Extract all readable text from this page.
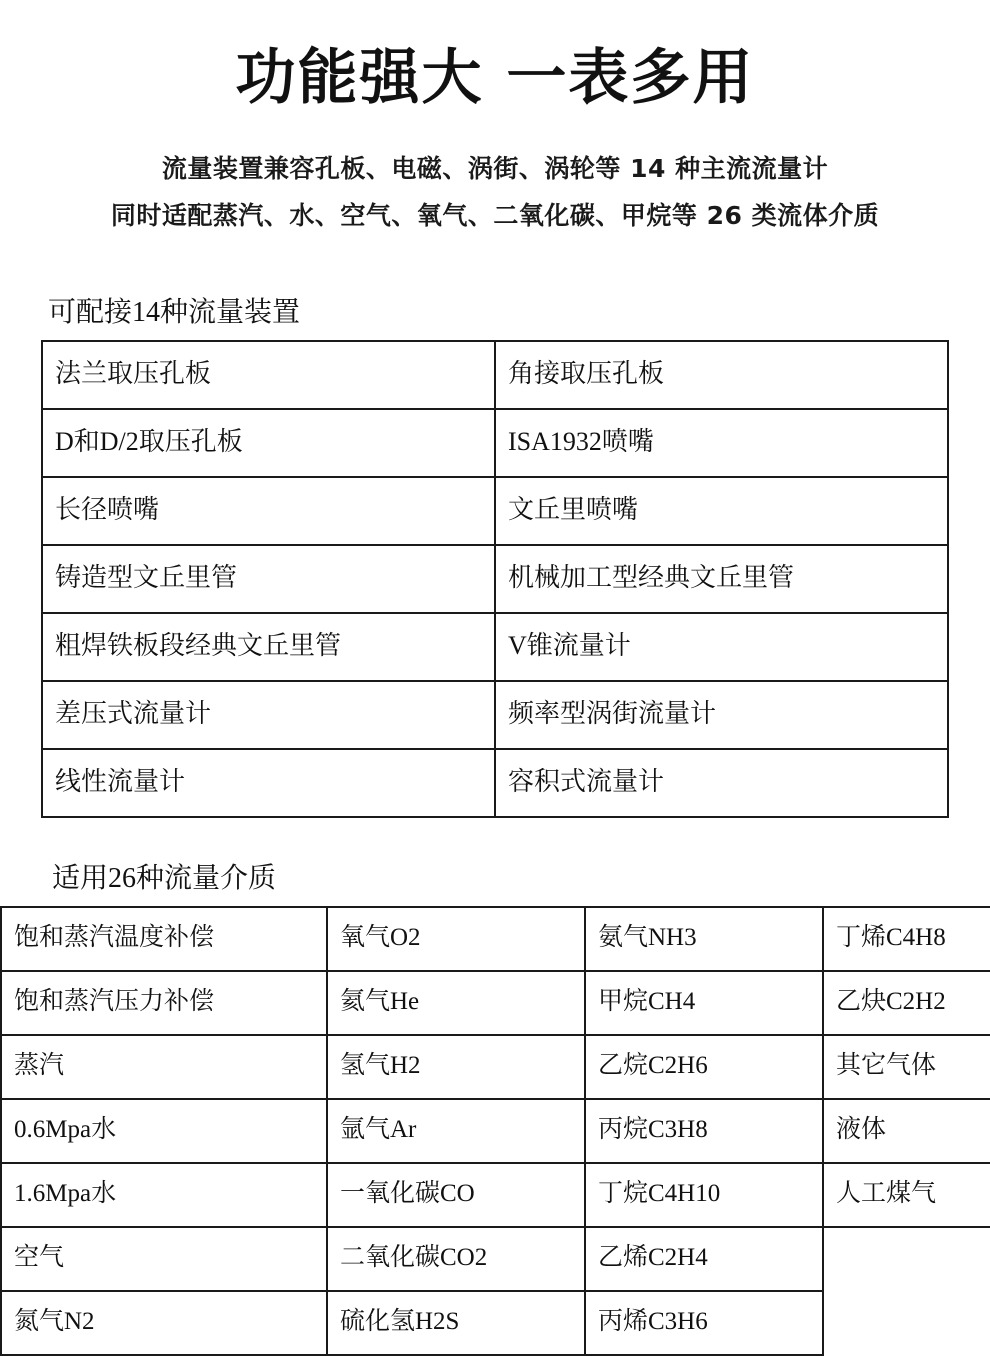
功能强大 一表多用

流量装置兼容孔板、电磁、涡街、涡轮等 14 种主流流量计

同时适配蒸汽、水、空气、氧气、二氧化碳、甲烷等 26 类流体介质

可配接14种流量装置
法兰取压孔板	角接取压孔板
D和D/2取压孔板	ISA1932喷嘴
长径喷嘴	文丘里喷嘴
铸造型文丘里管	机械加工型经典文丘里管
粗焊铁板段经典文丘里管	V锥流量计
差压式流量计	频率型涡街流量计
线性流量计	容积式流量计
适用26种流量介质
饱和蒸汽温度补偿	氧气O2	氨气NH3	丁烯C4H8
饱和蒸汽压力补偿	氦气He	甲烷CH4	乙炔C2H2
蒸汽	氢气H2	乙烷C2H6	其它气体
0.6Mpa水	氩气Ar	丙烷C3H8	液体
1.6Mpa水	一氧化碳CO	丁烷C4H10	人工煤气
空气	二氧化碳CO2	乙烯C2H4	
氮气N2	硫化氢H2S	丙烯C3H6	
